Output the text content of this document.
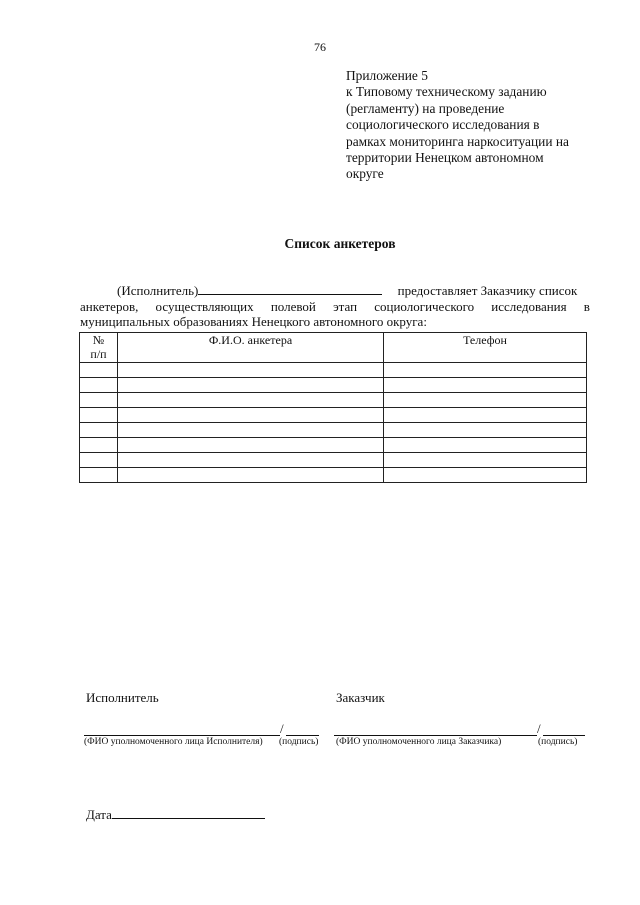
76
Приложение 5
к Типовому техническому заданию
(регламенту) на проведение
социологического исследования в
рамках мониторинга наркоситуации на
территории Ненецком автономном
округе
Список анкетеров
(Исполнитель)	предоставляет Заказчику список
анкетеров, осуществляющих полевой этап социологического исследования в
муниципальных образованиях Ненецкого автономного округа:
№
п/п	Ф.И.О. анкетера	Телефон

Исполнитель	Заказчик
/	/
(ФИО уполномоченного лица Исполнителя) (подпись) (ФИО уполномоченного лица Заказчика)	(подпись)
Дата
